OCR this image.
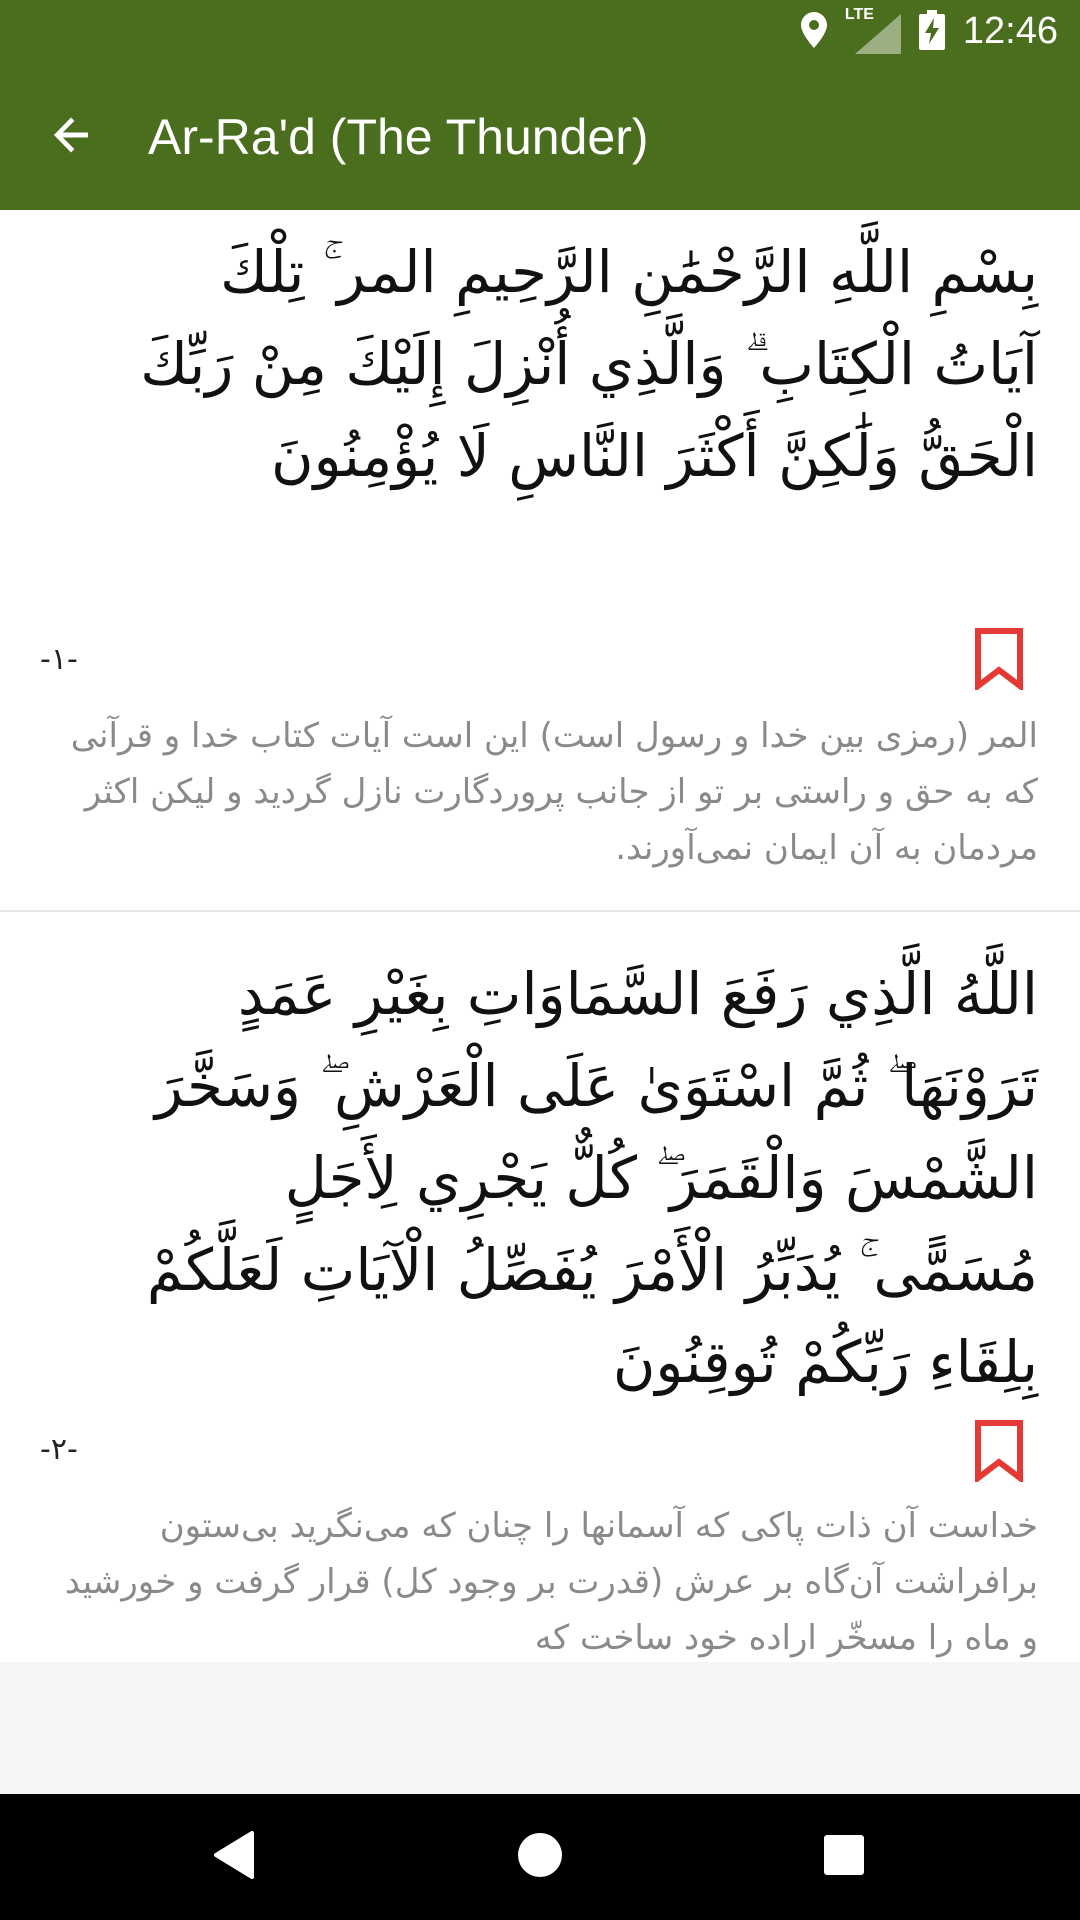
LTE 12:46
Ar-Ra'd (The Thunder)
بِسْمِ اللَّهِ الرَّحْمَٰنِ الرَّحِيمِ المر ۚ تِلْكَ آيَاتُ الْكِتَابِ ۗ وَالَّذِي أُنْزِلَ إِلَيْكَ مِنْ رَبِّكَ الْحَقُّ وَلَٰكِنَّ أَكْثَرَ النَّاسِ لَا يُؤْمِنُونَ
اللَّهُ الَّذِي رَفَعَ السَّمَاوَاتِ بِغَيْرِ عَمَدٍ تَرَوْنَهَا ۖ ثُمَّ اسْتَوَىٰ عَلَى الْعَرْشِ ۖ وَسَخَّرَ الشَّمْسَ وَالْقَمَرَ ۖ كُلٌّ يَجْرِي لِأَجَلٍ مُسَمًّى ۚ يُدَبِّرُ الْأَمْرَ يُفَصِّلُ الْآيَاتِ لَعَلَّكُمْ بِلِقَاءِ رَبِّكُمْ تُوقِنُونَ
-١-
المر (رمزی بین خدا و رسول است) این است آیات کتاب خدا و قرآنی که به حق و راستی بر تو از جانب پروردگارت نازل گردید و لیکن اکثر مردمان به آن ایمان نمی‌آورند.
-٢-
خداست آن ذات پاکی که آسمانها را چنان که می‌نگرید بی‌ستون برافراشت آن‌گاه بر عرش (قدرت بر وجود کل) قرار گرفت و خورشید و ماه را مسخّر اراده خود ساخت که
